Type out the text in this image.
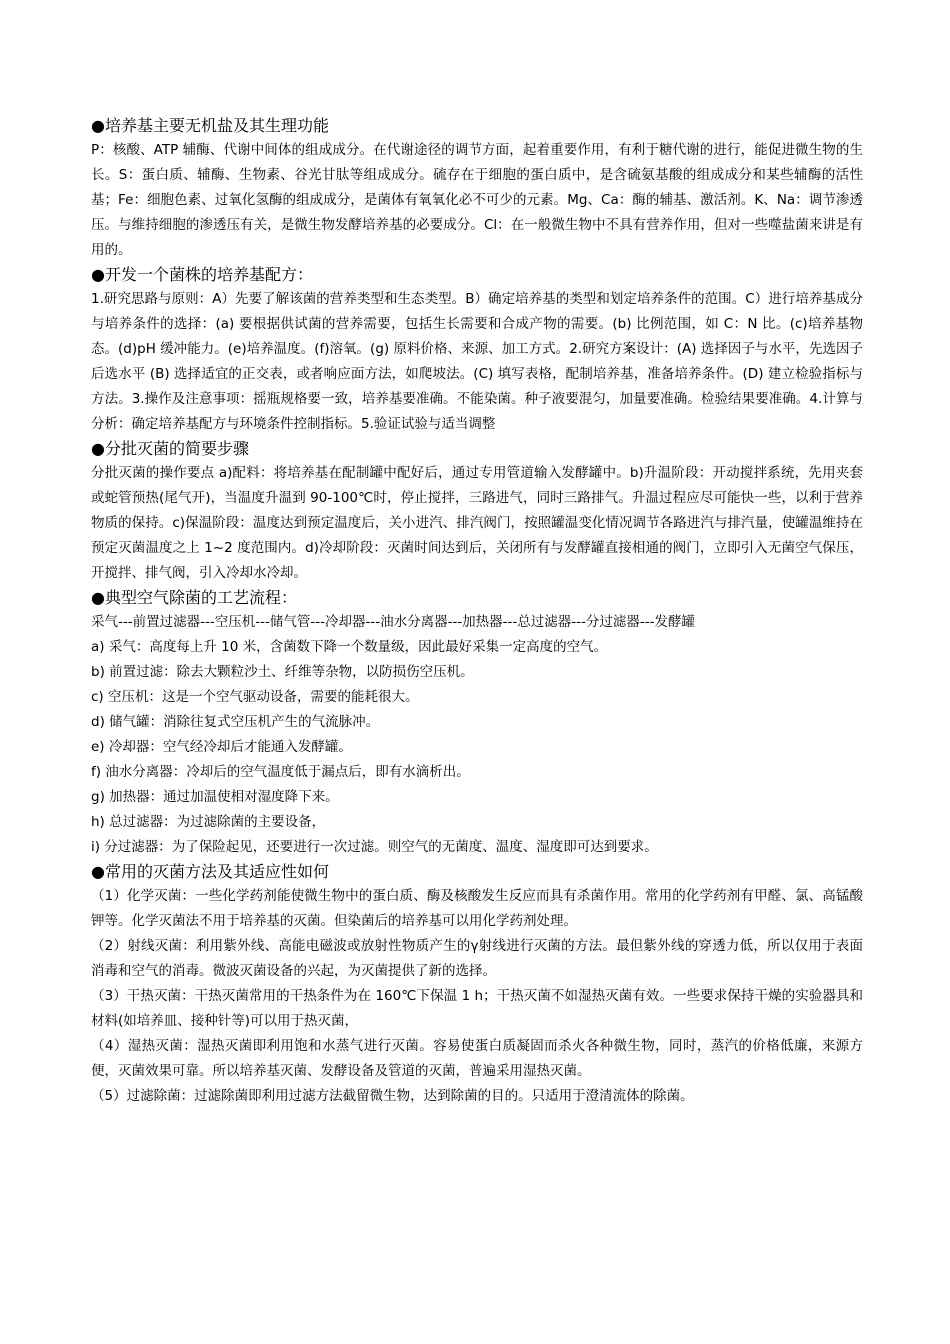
●培养基主要无机盐及其生理功能

P：核酸、ATP 辅酶、代谢中间体的组成成分。在代谢途径的调节方面，起着重要作用，有利于糖代谢的进行，能促进微生物的生长。S：蛋白质、辅酶、生物素、谷光甘肽等组成成分。硫存在于细胞的蛋白质中，是含硫氨基酸的组成成分和某些辅酶的活性基；Fe：细胞色素、过氧化氢酶的组成成分，是菌体有氧氧化必不可少的元素。Mg、Ca：酶的辅基、激活剂。K、Na：调节渗透压。与维持细胞的渗透压有关，是微生物发酵培养基的必要成分。Cl：在一般微生物中不具有营养作用，但对一些噬盐菌来讲是有用的。

●开发一个菌株的培养基配方：

1.研究思路与原则：A）先要了解该菌的营养类型和生态类型。B）确定培养基的类型和划定培养条件的范围。C）进行培养基成分与培养条件的选择：(a) 要根据供试菌的营养需要，包括生长需要和合成产物的需要。(b) 比例范围，如 C：N 比。(c)培养基物态。(d)pH 缓冲能力。(e)培养温度。(f)溶氧。(g) 原料价格、来源、加工方式。2.研究方案设计：(A) 选择因子与水平，先选因子后选水平 (B) 选择适宜的正交表，或者响应面方法，如爬坡法。(C) 填写表格，配制培养基，准备培养条件。(D) 建立检验指标与方法。3.操作及注意事项：摇瓶规格要一致，培养基要准确。不能染菌。种子液要混匀，加量要准确。检验结果要准确。4.计算与分析：确定培养基配方与环境条件控制指标。5.验证试验与适当调整

●分批灭菌的简要步骤

分批灭菌的操作要点 a)配料：将培养基在配制罐中配好后，通过专用管道输入发酵罐中。b)升温阶段：开动搅拌系统，先用夹套或蛇管预热(尾气开)，当温度升温到 90-100℃时，停止搅拌，三路进气，同时三路排气。升温过程应尽可能快一些，以利于营养物质的保持。c)保温阶段：温度达到预定温度后，关小进汽、排汽阀门，按照罐温变化情况调节各路进汽与排汽量，使罐温维持在预定灭菌温度之上 1~2 度范围内。d)冷却阶段：灭菌时间达到后，关闭所有与发酵罐直接相通的阀门，立即引入无菌空气保压，开搅拌、排气阀，引入冷却水冷却。

●典型空气除菌的工艺流程：

采气---前置过滤器---空压机---储气管---冷却器---油水分离器---加热器---总过滤器---分过滤器---发酵罐

a) 采气：高度每上升 10 米，含菌数下降一个数量级，因此最好采集一定高度的空气。

b) 前置过滤：除去大颗粒沙土、纤维等杂物，以防损伤空压机。

c) 空压机：这是一个空气驱动设备，需要的能耗很大。

d) 储气罐：消除往复式空压机产生的气流脉冲。

e) 冷却器：空气经冷却后才能通入发酵罐。

f) 油水分离器：冷却后的空气温度低于漏点后，即有水滴析出。

g) 加热器：通过加温使相对湿度降下来。

h) 总过滤器：为过滤除菌的主要设备，

i) 分过滤器：为了保险起见，还要进行一次过滤。则空气的无菌度、温度、湿度即可达到要求。

●常用的灭菌方法及其适应性如何

（1）化学灭菌：一些化学药剂能使微生物中的蛋白质、酶及核酸发生反应而具有杀菌作用。常用的化学药剂有甲醛、氯、高锰酸钾等。化学灭菌法不用于培养基的灭菌。但染菌后的培养基可以用化学药剂处理。

（2）射线灭菌：利用紫外线、高能电磁波或放射性物质产生的γ射线进行灭菌的方法。最但紫外线的穿透力低，所以仅用于表面消毒和空气的消毒。微波灭菌设备的兴起，为灭菌提供了新的选择。

（3）干热灭菌：干热灭菌常用的干热条件为在 160℃下保温 1 h；干热灭菌不如湿热灭菌有效。一些要求保持干燥的实验器具和材料(如培养皿、接种针等)可以用于热灭菌，

（4）湿热灭菌：湿热灭菌即利用饱和水蒸气进行灭菌。容易使蛋白质凝固而杀火各种微生物，同时，蒸汽的价格低廉，来源方便，灭菌效果可靠。所以培养基灭菌、发酵设备及管道的灭菌，普遍采用湿热灭菌。

（5）过滤除菌：过滤除菌即利用过滤方法截留微生物，达到除菌的目的。只适用于澄清流体的除菌。
